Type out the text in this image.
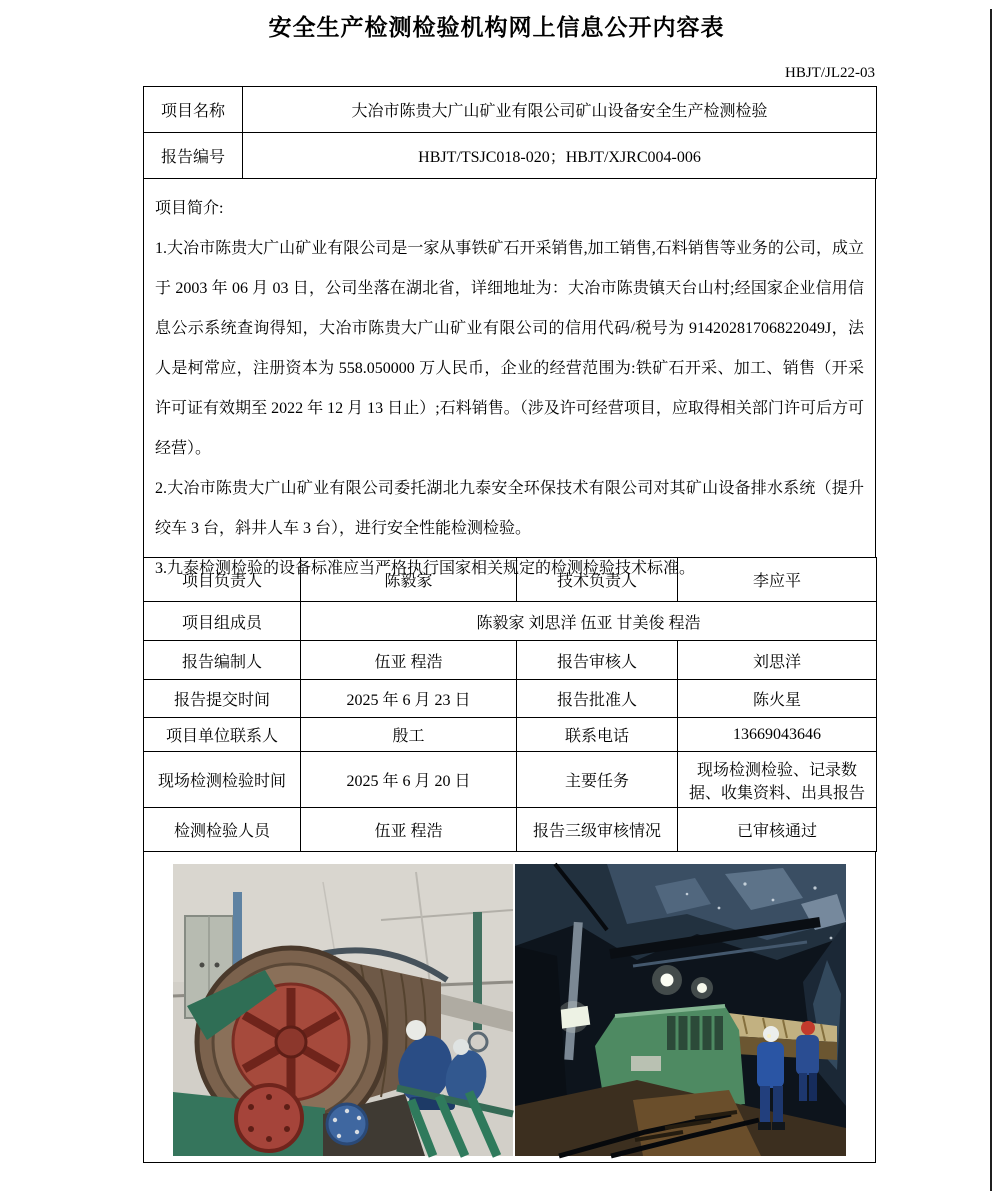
安全生产检测检验机构网上信息公开内容表
HBJT/JL22-03
项目名称	大冶市陈贵大广山矿业有限公司矿山设备安全生产检测检验
报告编号	HBJT/TSJC018-020；HBJT/XJRC004-006

项目简介:

1.大冶市陈贵大广山矿业有限公司是一家从事铁矿石开采销售,加工销售,石料销售等业务的公司，成立于 2003 年 06 月 03 日，公司坐落在湖北省，详细地址为：大冶市陈贵镇天台山村;经国家企业信用信息公示系统查询得知，大冶市陈贵大广山矿业有限公司的信用代码/税号为 91420281706822049J，法人是柯常应，注册资本为 558.050000 万人民币，企业的经营范围为:铁矿石开采、加工、销售（开采许可证有效期至 2022 年 12 月 13 日止）;石料销售。（涉及许可经营项目，应取得相关部门许可后方可经营）。

2.大冶市陈贵大广山矿业有限公司委托湖北九泰安全环保技术有限公司对其矿山设备排水系统（提升绞车 3 台，斜井人车 3 台），进行安全性能检测检验。

3.九泰检测检验的设备标准应当严格执行国家相关规定的检测检验技术标准。

项目负责人	陈毅家	技术负责人	李应平
项目组成员	陈毅家 刘思洋 伍亚 甘美俊 程浩		
报告编制人	伍亚 程浩	报告审核人	刘思洋
报告提交时间	2025 年 6 月 23 日	报告批准人	陈火星
项目单位联系人	殷工	联系电话	13669043646
现场检测检验时间	2025 年 6 月 20 日	主要任务	现场检测检验、记录数据、收集资料、出具报告
检测检验人员	伍亚 程浩	报告三级审核情况	已审核通过
